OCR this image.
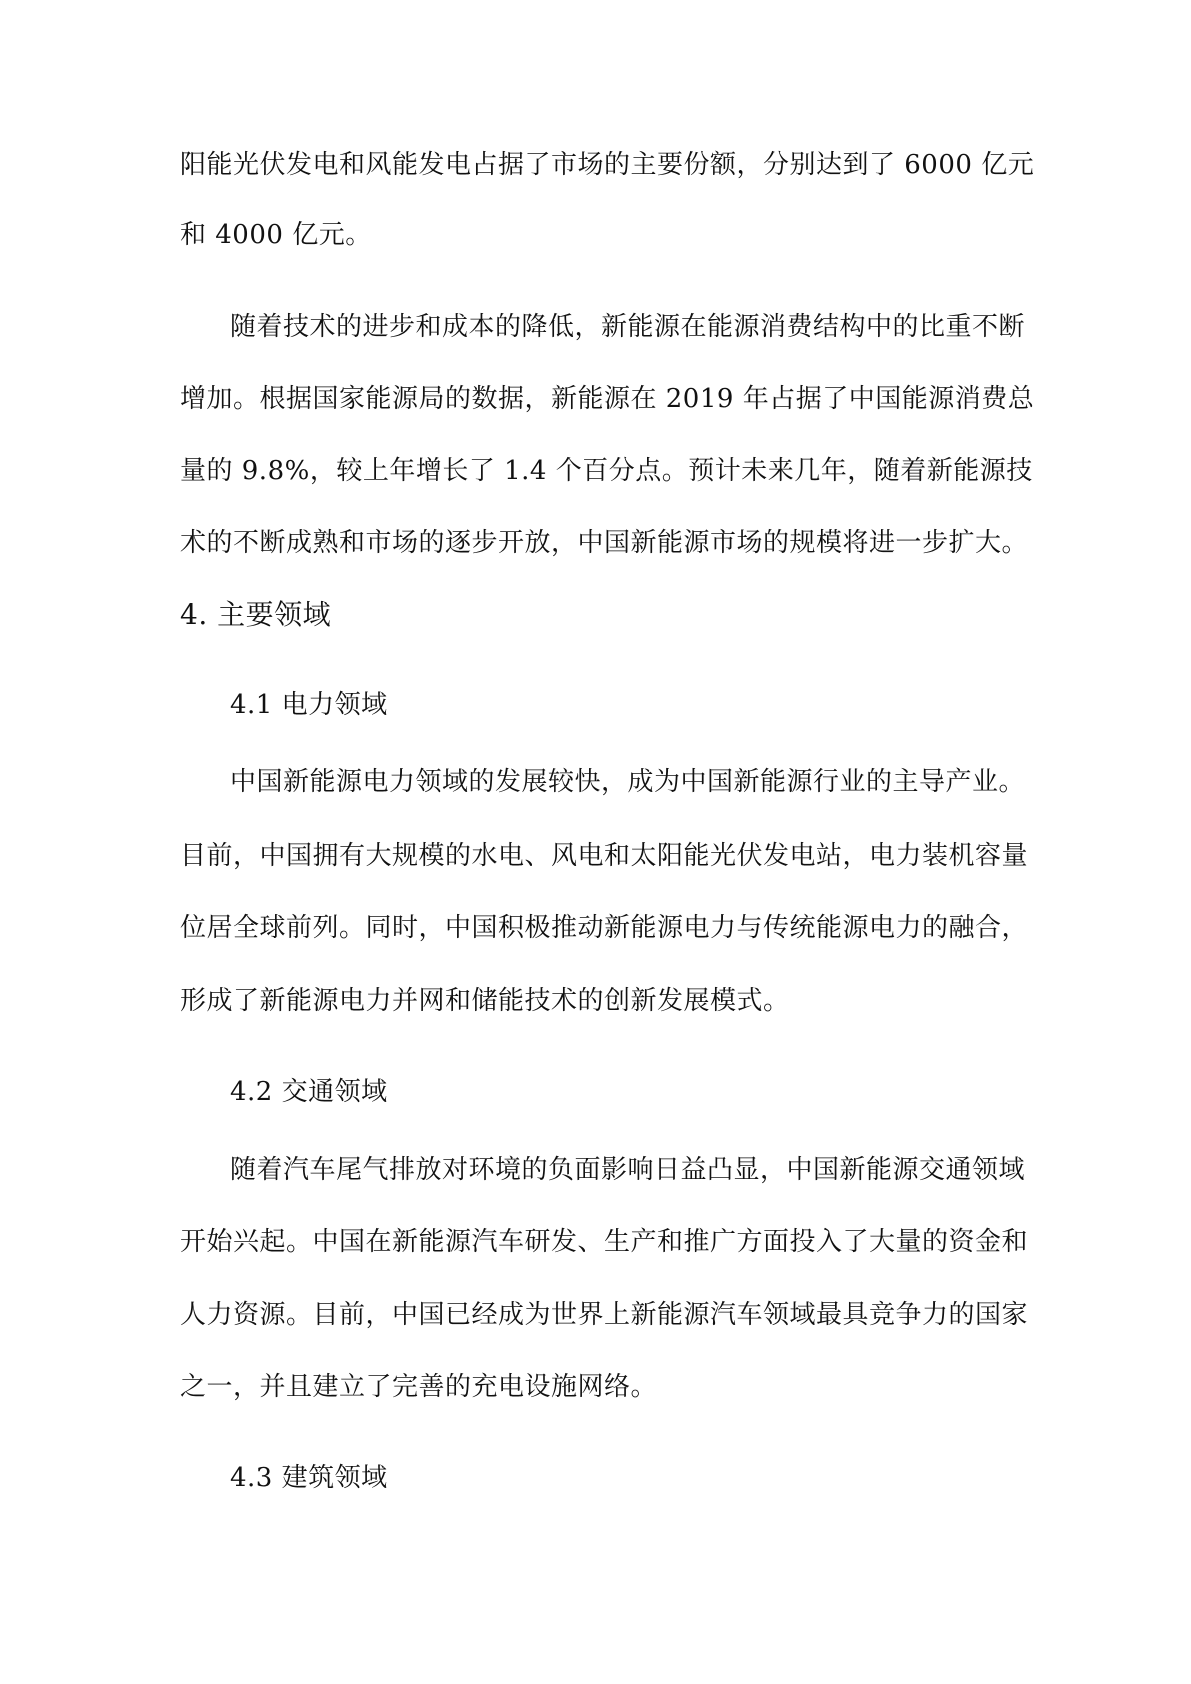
阳能光伏发电和风能发电占据了市场的主要份额，分别达到了 6000 亿元
和 4000 亿元。
随着技术的进步和成本的降低，新能源在能源消费结构中的比重不断
增加。根据国家能源局的数据，新能源在 2019 年占据了中国能源消费总
量的 9.8%，较上年增长了 1.4 个百分点。预计未来几年，随着新能源技
术的不断成熟和市场的逐步开放，中国新能源市场的规模将进一步扩大。
4. 主要领域
4.1 电力领域
中国新能源电力领域的发展较快，成为中国新能源行业的主导产业。
目前，中国拥有大规模的水电、风电和太阳能光伏发电站，电力装机容量
位居全球前列。同时，中国积极推动新能源电力与传统能源电力的融合，
形成了新能源电力并网和储能技术的创新发展模式。
4.2 交通领域
随着汽车尾气排放对环境的负面影响日益凸显，中国新能源交通领域
开始兴起。中国在新能源汽车研发、生产和推广方面投入了大量的资金和
人力资源。目前，中国已经成为世界上新能源汽车领域最具竞争力的国家
之一，并且建立了完善的充电设施网络。
4.3 建筑领域
